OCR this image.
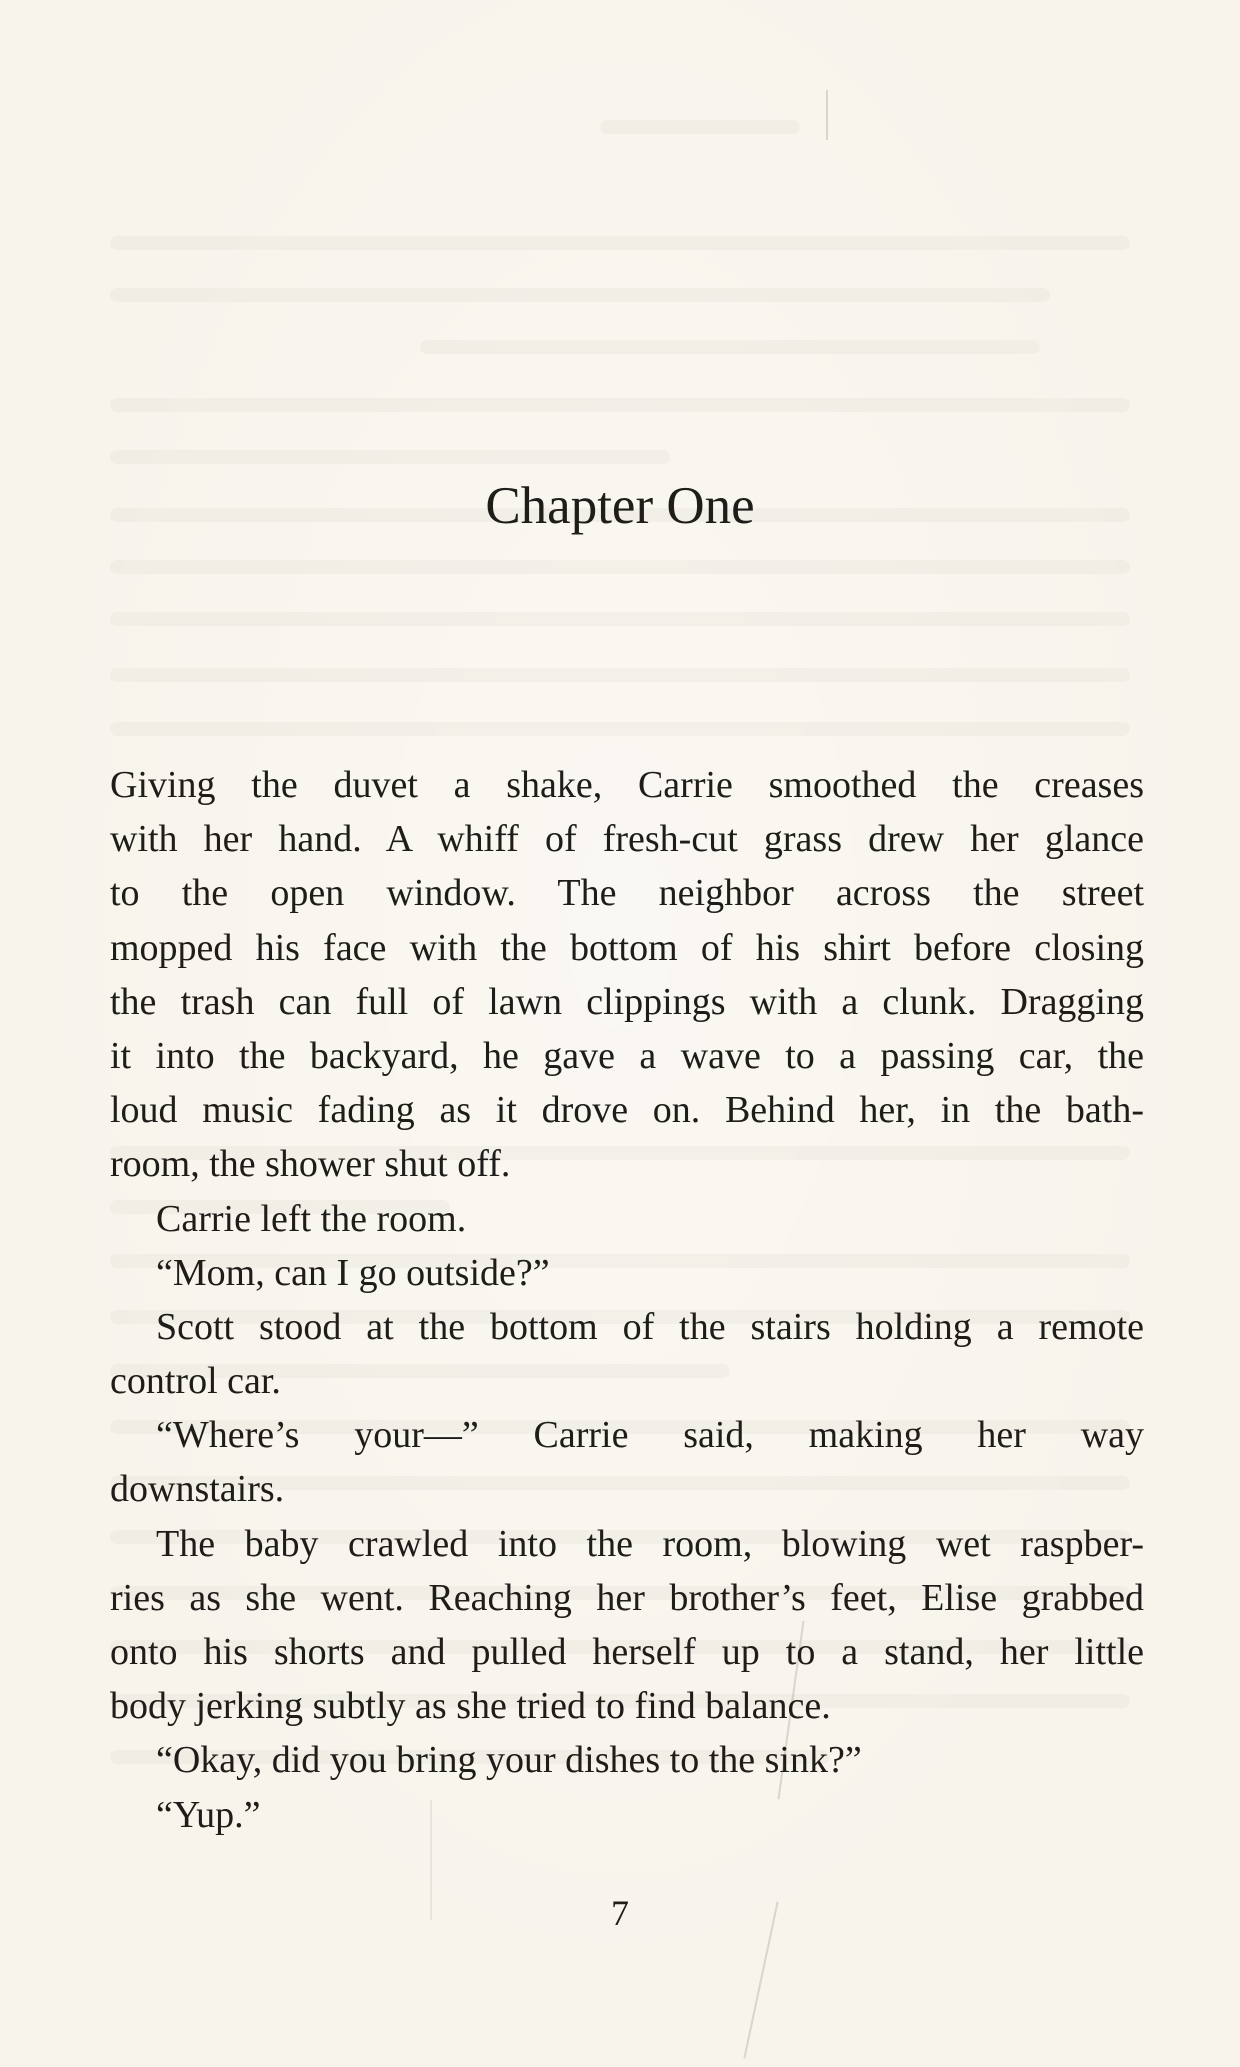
Chapter One
Giving the duvet a shake, Carrie smoothed the creases
with her hand. A whiff of fresh-cut grass drew her glance
to the open window. The neighbor across the street
mopped his face with the bottom of his shirt before closing
the trash can full of lawn clippings with a clunk. Dragging
it into the backyard, he gave a wave to a passing car, the
loud music fading as it drove on. Behind her, in the bath-
room, the shower shut off.
Carrie left the room.
“Mom, can I go outside?”
Scott stood at the bottom of the stairs holding a remote
control car.
“Where’s your—” Carrie said, making her way
downstairs.
The baby crawled into the room, blowing wet raspber-
ries as she went. Reaching her brother’s feet, Elise grabbed
onto his shorts and pulled herself up to a stand, her little
body jerking subtly as she tried to find balance.
“Okay, did you bring your dishes to the sink?”
“Yup.”
7
